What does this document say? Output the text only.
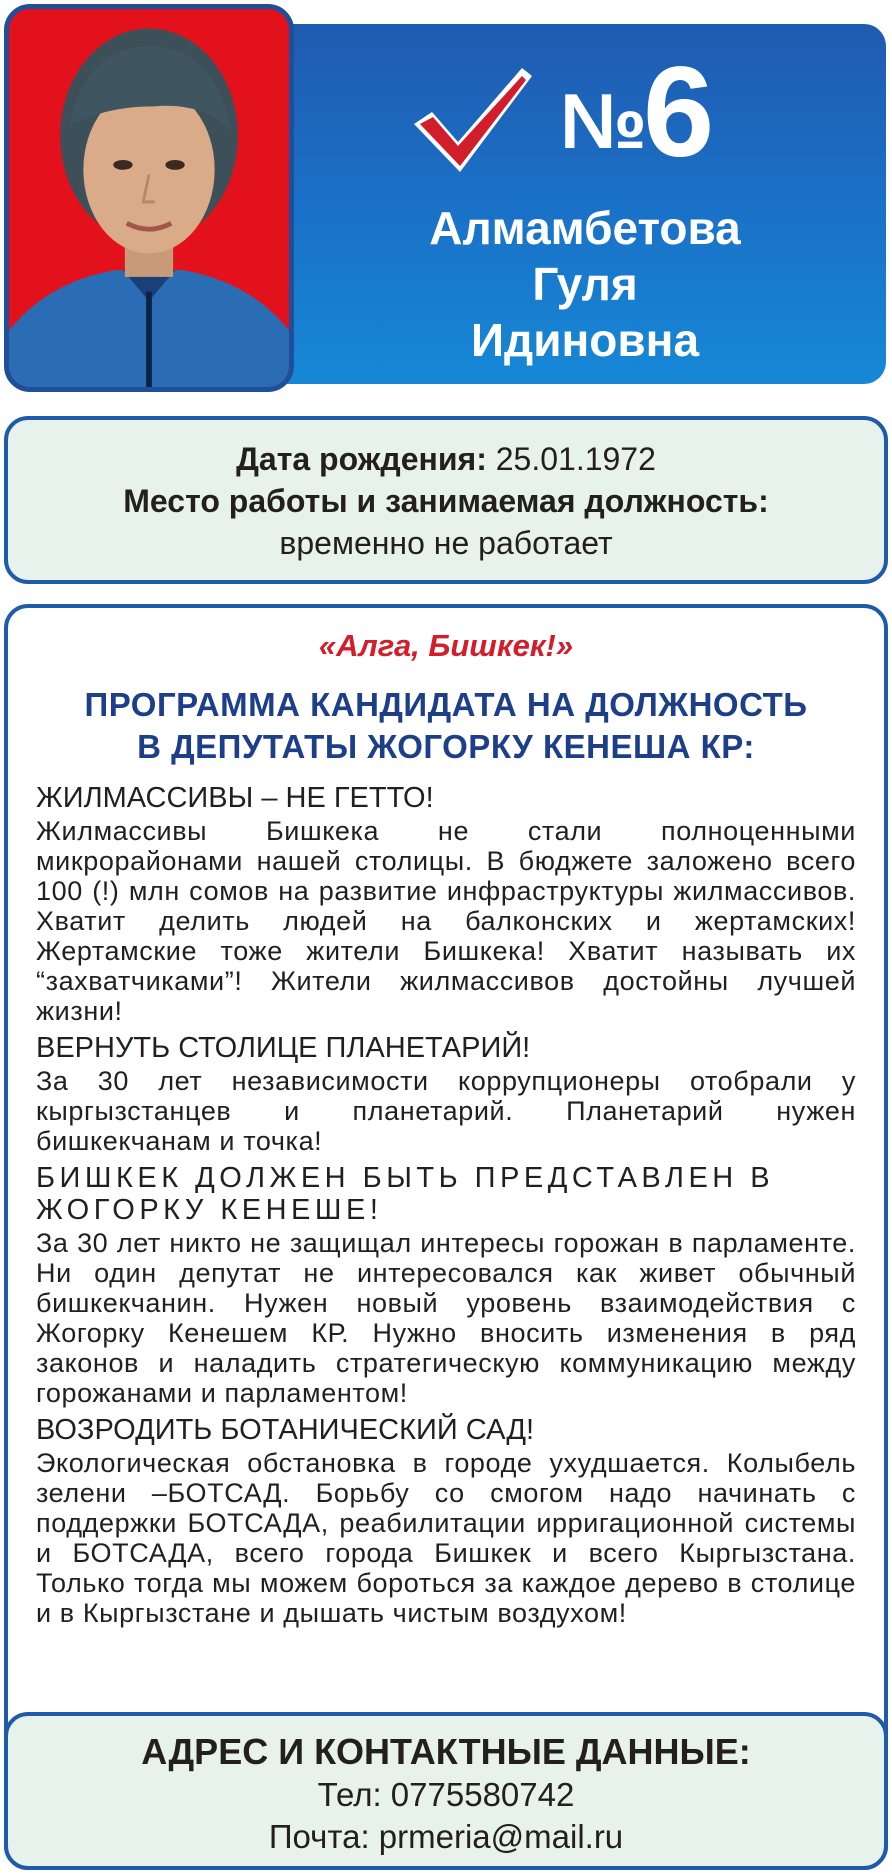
№6
Алмамбетова
Гуля
Идиновна
Дата рождения: 25.01.1972
Место работы и занимаемая должность:
временно не работает
«Алга, Бишкек!»
ПРОГРАММА КАНДИДАТА НА ДОЛЖНОСТЬ
В ДЕПУТАТЫ ЖОГОРКУ КЕНЕША КР:

ЖИЛМАССИВЫ – НЕ ГЕТТО!

Жилмассивы Бишкека не стали полноценными микрорайонами нашей столицы. В бюджете заложено всего 100 (!) млн сомов на развитие инфраструктуры жилмассивов. Хватит делить людей на балконских и жертамских! Жертамские тоже жители Бишкека! Хватит называть их “захватчиками”! Жители жилмассивов достойны лучшей жизни!

ВЕРНУТЬ СТОЛИЦЕ ПЛАНЕТАРИЙ!

За 30 лет независимости коррупционеры отобрали у кыргызстанцев и планетарий. Планетарий нужен бишкекчанам и точка!

БИШКЕК ДОЛЖЕН БЫТЬ ПРЕДСТАВЛЕН В ЖОГОРКУ КЕНЕШЕ!

За 30 лет никто не защищал интересы горожан в парламенте. Ни один депутат не интересовался как живет обычный бишкекчанин. Нужен новый уровень взаимодействия с Жогорку Кенешем КР. Нужно вносить изменения в ряд законов и наладить стратегическую коммуникацию между горожанами и парламентом!

ВОЗРОДИТЬ БОТАНИЧЕСКИЙ САД!

Экологическая обстановка в городе ухудшается. Колыбель зелени –БОТСАД. Борьбу со смогом надо начинать с поддержки БОТСАДА, реабилитации ирригационной системы и БОТСАДА, всего города Бишкек и всего Кыргызстана. Только тогда мы можем бороться за каждое дерево в столице и в Кыргызстане и дышать чистым воздухом!

АДРЕС И КОНТАКТНЫЕ ДАННЫЕ:
Тел: 0775580742
Почта: prmeria@mail.ru
